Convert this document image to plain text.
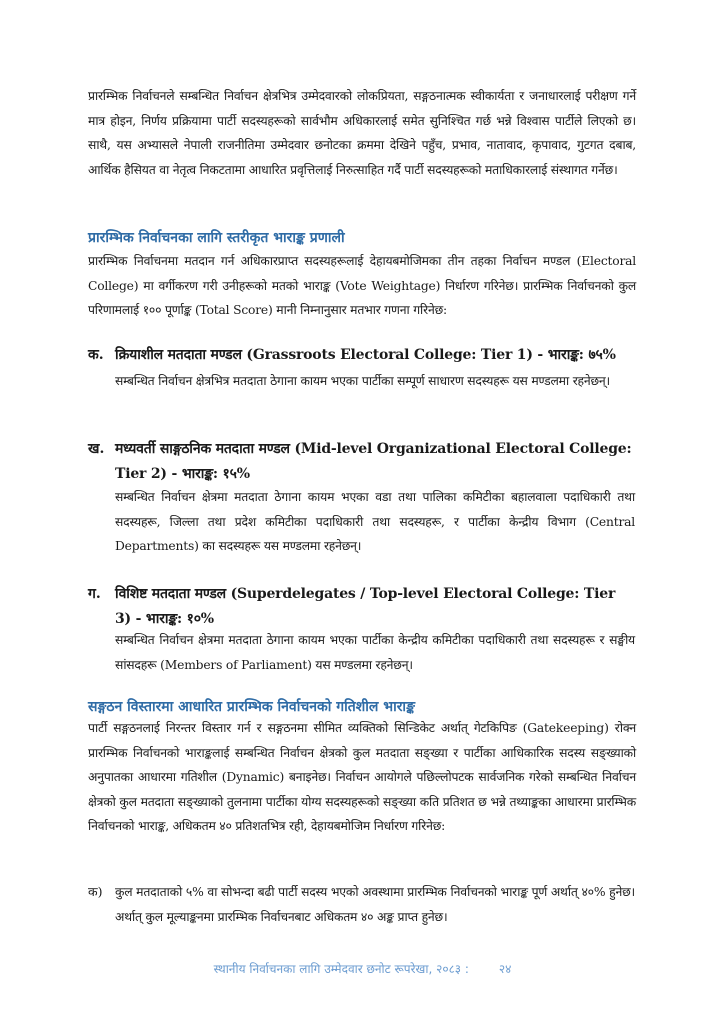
प्रारम्भिक निर्वाचनले सम्बन्धित निर्वाचन क्षेत्रभित्र उम्मेदवारको लोकप्रियता, सङ्गठनात्मक स्वीकार्यता र जनाधारलाई परीक्षण गर्ने मात्र होइन, निर्णय प्रक्रियामा पार्टी सदस्यहरूको सार्वभौम अधिकारलाई समेत सुनिश्चित गर्छ भन्ने विश्वास पार्टीले लिएको छ। साथै, यस अभ्यासले नेपाली राजनीतिमा उम्मेदवार छनोटका क्रममा देखिने पहुँच, प्रभाव, नातावाद, कृपावाद, गुटगत दबाब, आर्थिक हैसियत वा नेतृत्व निकटतामा आधारित प्रवृत्तिलाई निरुत्साहित गर्दै पार्टी सदस्यहरूको मताधिकारलाई संस्थागत गर्नेछ।

प्रारम्भिक निर्वाचनका लागि स्तरीकृत भाराङ्क प्रणाली

प्रारम्भिक निर्वाचनमा मतदान गर्न अधिकारप्राप्त सदस्यहरूलाई देहायबमोजिमका तीन तहका निर्वाचन मण्डल (Electoral College) मा वर्गीकरण गरी उनीहरूको मतको भाराङ्क (Vote Weightage) निर्धारण गरिनेछ। प्रारम्भिक निर्वाचनको कुल परिणामलाई १०० पूर्णाङ्क (Total Score) मानी निम्नानुसार मतभार गणना गरिनेछ:

क. क्रियाशील मतदाता मण्डल (Grassroots Electoral College: Tier 1) - भाराङ्क: ७५%

सम्बन्धित निर्वाचन क्षेत्रभित्र मतदाता ठेगाना कायम भएका पार्टीका सम्पूर्ण साधारण सदस्यहरू यस मण्डलमा रहनेछन्।

ख. मध्यवर्ती साङ्गठनिक मतदाता मण्डल (Mid-level Organizational Electoral College: Tier 2) - भाराङ्क: १५%

सम्बन्धित निर्वाचन क्षेत्रमा मतदाता ठेगाना कायम भएका वडा तथा पालिका कमिटीका बहालवाला पदाधिकारी तथा सदस्यहरू, जिल्ला तथा प्रदेश कमिटीका पदाधिकारी तथा सदस्यहरू, र पार्टीका केन्द्रीय विभाग (Central Departments) का सदस्यहरू यस मण्डलमा रहनेछन्।

ग. विशिष्ट मतदाता मण्डल (Superdelegates / Top-level Electoral College: Tier 3) - भाराङ्क: १०%

सम्बन्धित निर्वाचन क्षेत्रमा मतदाता ठेगाना कायम भएका पार्टीका केन्द्रीय कमिटीका पदाधिकारी तथा सदस्यहरू र सङ्घीय सांसदहरू (Members of Parliament) यस मण्डलमा रहनेछन्।

सङ्गठन विस्तारमा आधारित प्रारम्भिक निर्वाचनको गतिशील भाराङ्क

पार्टी सङ्गठनलाई निरन्तर विस्तार गर्न र सङ्गठनमा सीमित व्यक्तिको सिन्डिकेट अर्थात् गेटकिपिङ (Gatekeeping) रोक्न प्रारम्भिक निर्वाचनको भाराङ्कलाई सम्बन्धित निर्वाचन क्षेत्रको कुल मतदाता सङ्ख्या र पार्टीका आधिकारिक सदस्य सङ्ख्याको अनुपातका आधारमा गतिशील (Dynamic) बनाइनेछ। निर्वाचन आयोगले पछिल्लोपटक सार्वजनिक गरेको सम्बन्धित निर्वाचन क्षेत्रको कुल मतदाता सङ्ख्याको तुलनामा पार्टीका योग्य सदस्यहरूको सङ्ख्या कति प्रतिशत छ भन्ने तथ्याङ्कका आधारमा प्रारम्भिक निर्वाचनको भाराङ्क, अधिकतम ४० प्रतिशतभित्र रही, देहायबमोजिम निर्धारण गरिनेछ:

क) कुल मतदाताको ५% वा सोभन्दा बढी पार्टी सदस्य भएको अवस्थामा प्रारम्भिक निर्वाचनको भाराङ्क पूर्ण अर्थात् ४०% हुनेछ। अर्थात् कुल मूल्याङ्कनमा प्रारम्भिक निर्वाचनबाट अधिकतम ४० अङ्क प्राप्त हुनेछ।

स्थानीय निर्वाचनका लागि उम्मेदवार छनोट रूपरेखा, २०८३ :	२४
